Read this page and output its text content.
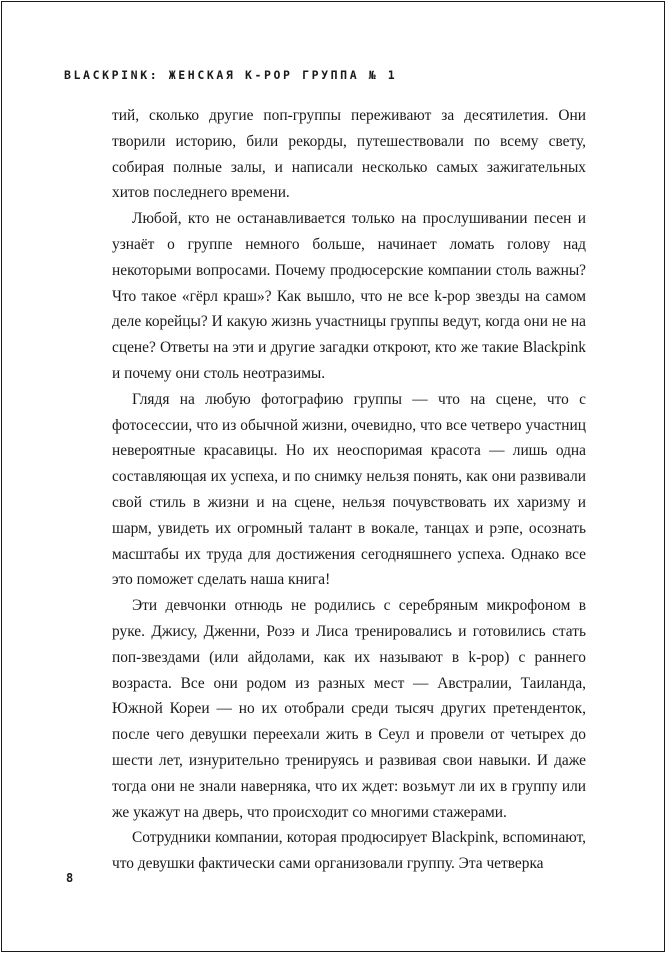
BLACKPINK: ЖЕНСКАЯ K-POP ГРУППА № 1

тий, сколько другие поп-группы переживают за десятилетия. Они творили историю, били рекорды, путешествовали по всему свету, собирая полные залы, и написали несколько самых зажигательных хитов последнего времени.

Любой, кто не останавливается только на прослушивании песен и узнаёт о группе немного больше, начинает ломать голову над некоторыми вопросами. Почему продюсерские компании столь важны? Что такое «гёрл краш»? Как вышло, что не все k-pop звезды на самом деле корейцы? И какую жизнь участницы группы ведут, когда они не на сцене? Ответы на эти и другие загадки откроют, кто же такие Blackpink и почему они столь неотразимы.

Глядя на любую фотографию группы — что на сцене, что с фотосессии, что из обычной жизни, очевидно, что все четверо участниц невероятные красавицы. Но их неоспоримая красота — лишь одна составляющая их успеха, и по снимку нельзя понять, как они развивали свой стиль в жизни и на сцене, нельзя почувствовать их харизму и шарм, увидеть их огромный талант в вокале, танцах и рэпе, осознать масштабы их труда для достижения сегодняшнего успеха. Однако все это поможет сделать наша книга!

Эти девчонки отнюдь не родились с серебряным микрофоном в руке. Джису, Дженни, Розэ и Лиса тренировались и готовились стать поп-звездами (или айдолами, как их называют в k-pop) с раннего возраста. Все они родом из разных мест — Австралии, Таиланда, Южной Кореи — но их отобрали среди тысяч других претенденток, после чего девушки переехали жить в Сеул и провели от четырех до шести лет, изнурительно тренируясь и развивая свои навыки. И даже тогда они не знали наверняка, что их ждет: возьмут ли их в группу или же укажут на дверь, что происходит со многими стажерами.

Сотрудники компании, которая продюсирует Blackpink, вспоминают, что девушки фактически сами организовали группу. Эта четверка

8
